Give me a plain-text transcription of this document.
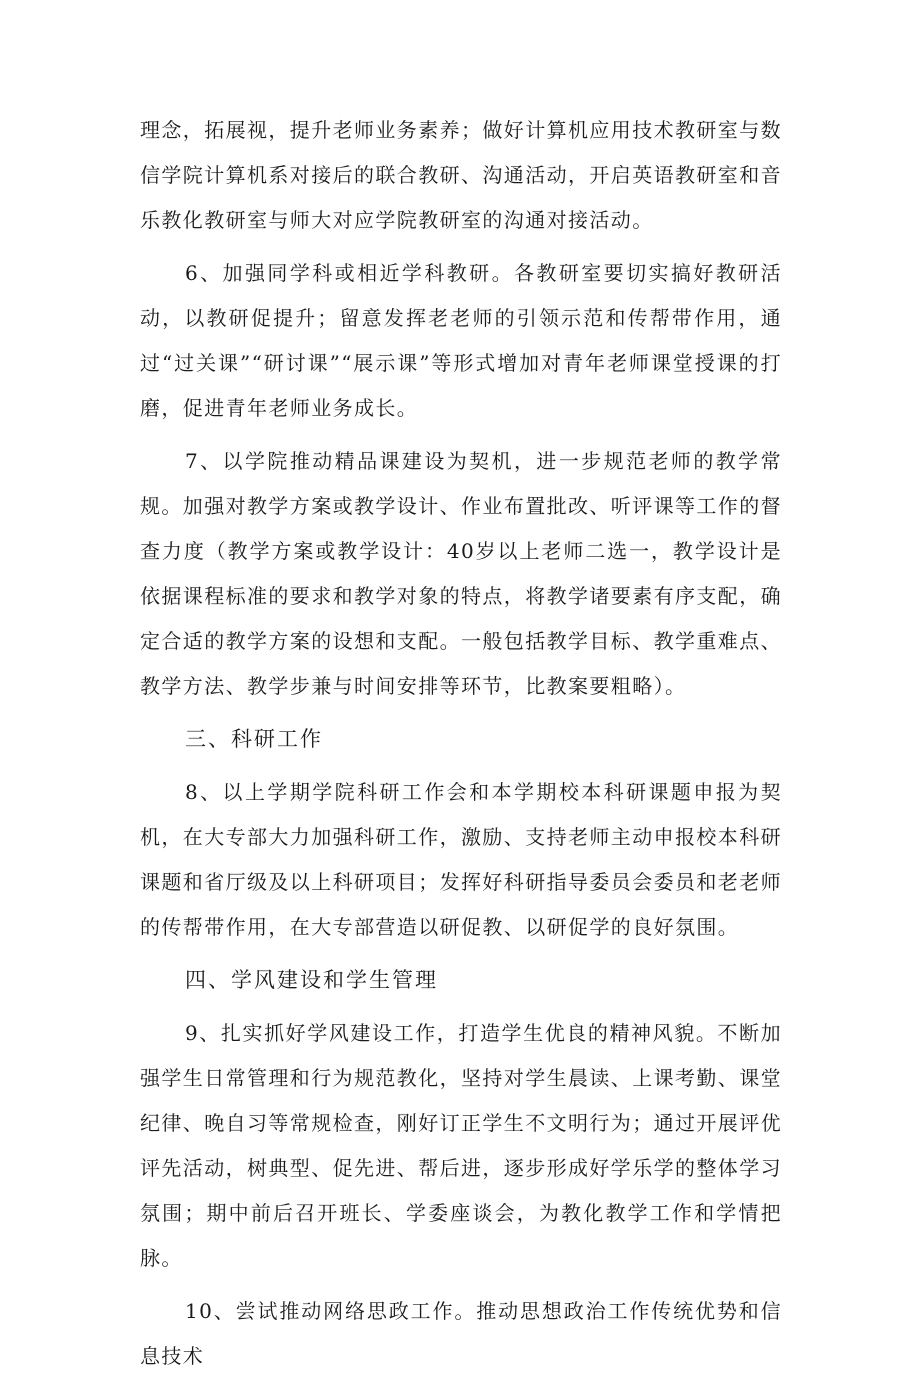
理念，拓展视，提升老师业务素养；做好计算机应用技术教研室与数信学院计算机系对接后的联合教研、沟通活动，开启英语教研室和音乐教化教研室与师大对应学院教研室的沟通对接活动。

6、加强同学科或相近学科教研。各教研室要切实搞好教研活动，以教研促提升；留意发挥老老师的引领示范和传帮带作用，通过“过关课”“研讨课”“展示课”等形式增加对青年老师课堂授课的打磨，促进青年老师业务成长。

7、以学院推动精品课建设为契机，进一步规范老师的教学常规。加强对教学方案或教学设计、作业布置批改、听评课等工作的督查力度（教学方案或教学设计：40岁以上老师二选一，教学设计是依据课程标准的要求和教学对象的特点，将教学诸要素有序支配，确定合适的教学方案的设想和支配。一般包括教学目标、教学重难点、教学方法、教学步兼与时间安排等环节，比教案要粗略）。

三、科研工作

8、以上学期学院科研工作会和本学期校本科研课题申报为契机，在大专部大力加强科研工作，激励、支持老师主动申报校本科研课题和省厅级及以上科研项目；发挥好科研指导委员会委员和老老师的传帮带作用，在大专部营造以研促教、以研促学的良好氛围。

四、学风建设和学生管理

9、扎实抓好学风建设工作，打造学生优良的精神风貌。不断加强学生日常管理和行为规范教化，坚持对学生晨读、上课考勤、课堂纪律、晚自习等常规检查，刚好订正学生不文明行为；通过开展评优评先活动，树典型、促先进、帮后进，逐步形成好学乐学的整体学习氛围；期中前后召开班长、学委座谈会，为教化教学工作和学情把脉。

10、尝试推动网络思政工作。推动思想政治工作传统优势和信息技术
